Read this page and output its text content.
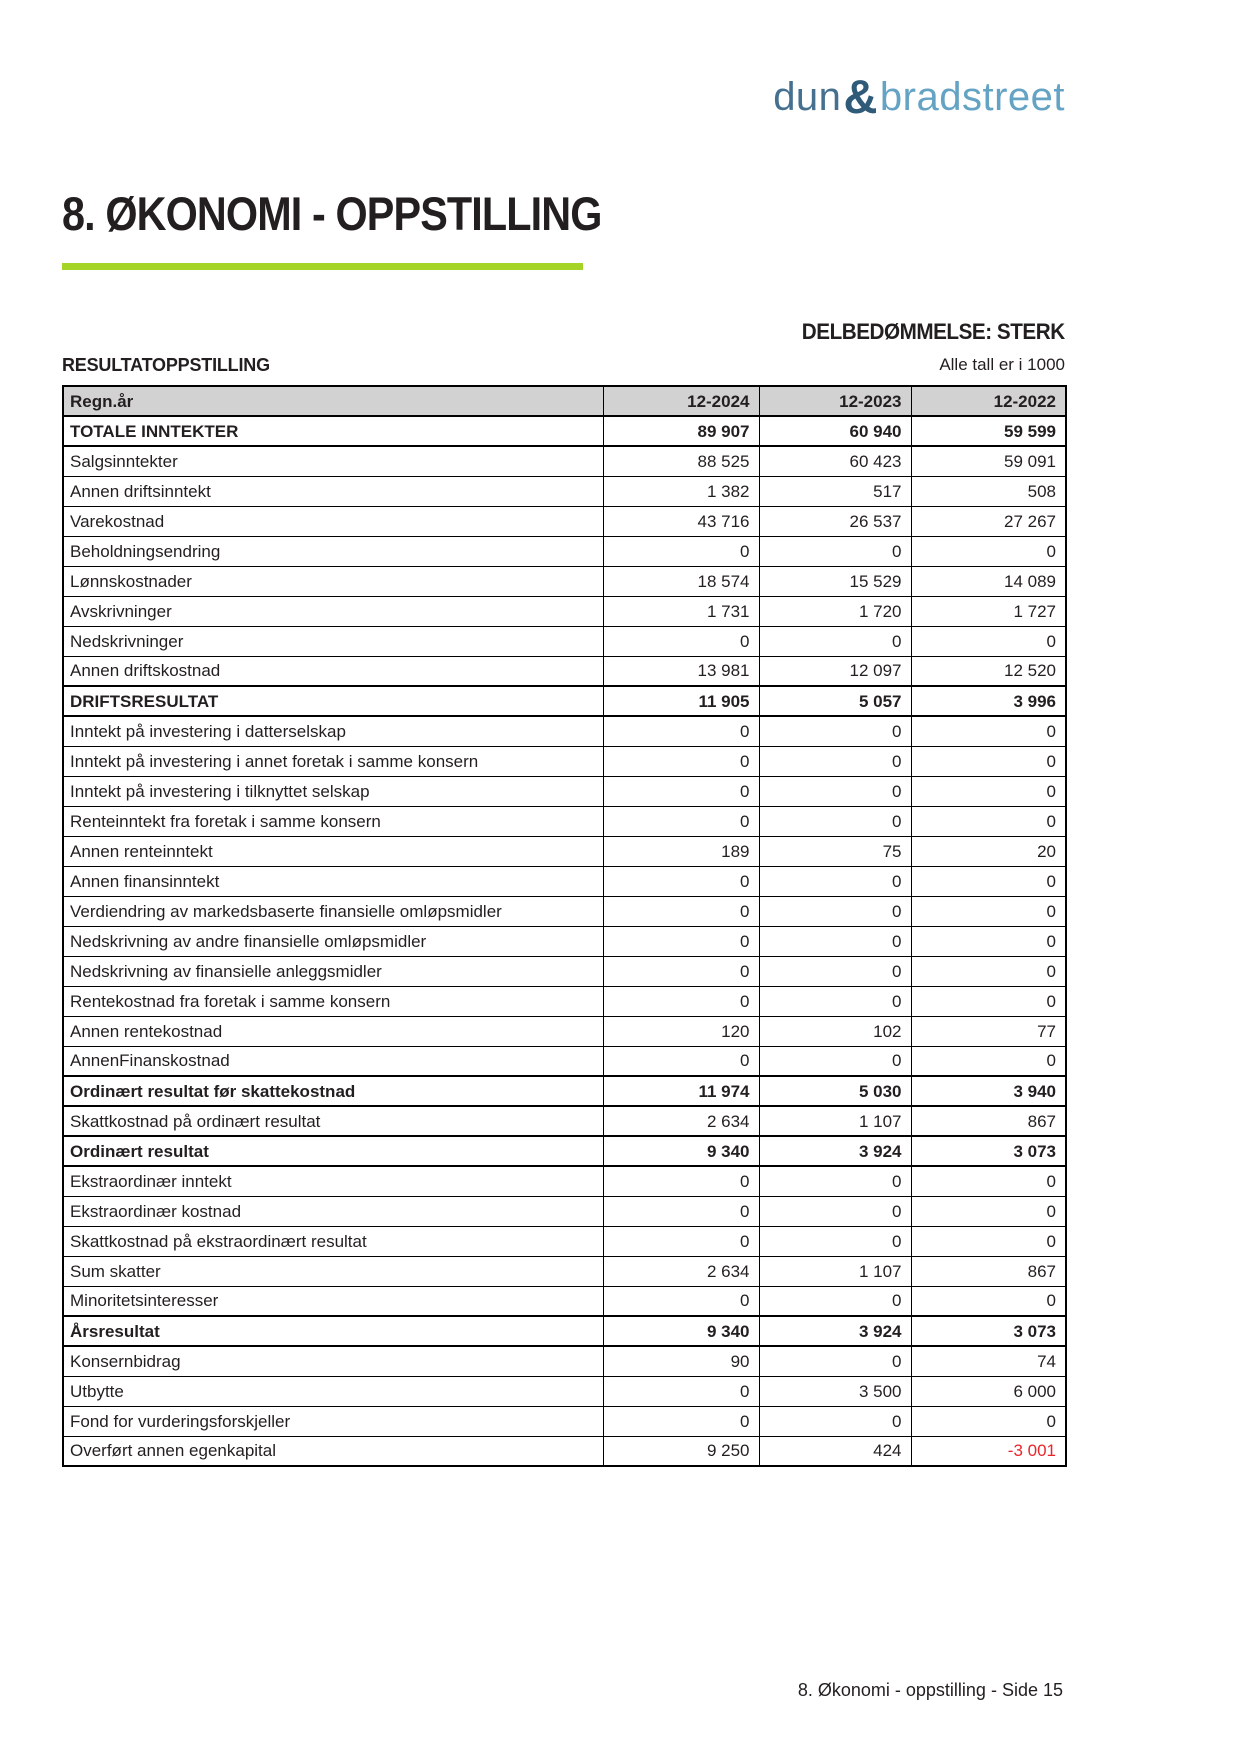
dun&bradstreet
8. ØKONOMI - OPPSTILLING
DELBEDØMMELSE: STERK
RESULTATOPPSTILLING	Alle tall er i 1000
Regn.år	12-2024	12-2023	12-2022
TOTALE INNTEKTER	89 907	60 940	59 599
Salgsinntekter	88 525	60 423	59 091
Annen driftsinntekt	1 382	517	508
Varekostnad	43 716	26 537	27 267
Beholdningsendring	0	0	0
Lønnskostnader	18 574	15 529	14 089
Avskrivninger	1 731	1 720	1 727
Nedskrivninger	0	0	0
Annen driftskostnad	13 981	12 097	12 520
DRIFTSRESULTAT	11 905	5 057	3 996
Inntekt på investering i datterselskap	0	0	0
Inntekt på investering i annet foretak i samme konsern	0	0	0
Inntekt på investering i tilknyttet selskap	0	0	0
Renteinntekt fra foretak i samme konsern	0	0	0
Annen renteinntekt	189	75	20
Annen finansinntekt	0	0	0
Verdiendring av markedsbaserte finansielle omløpsmidler	0	0	0
Nedskrivning av andre finansielle omløpsmidler	0	0	0
Nedskrivning av finansielle anleggsmidler	0	0	0
Rentekostnad fra foretak i samme konsern	0	0	0
Annen rentekostnad	120	102	77
AnnenFinanskostnad	0	0	0
Ordinært resultat før skattekostnad	11 974	5 030	3 940
Skattkostnad på ordinært resultat	2 634	1 107	867
Ordinært resultat	9 340	3 924	3 073
Ekstraordinær inntekt	0	0	0
Ekstraordinær kostnad	0	0	0
Skattkostnad på ekstraordinært resultat	0	0	0
Sum skatter	2 634	1 107	867
Minoritetsinteresser	0	0	0
Årsresultat	9 340	3 924	3 073
Konsernbidrag	90	0	74
Utbytte	0	3 500	6 000
Fond for vurderingsforskjeller	0	0	0
Overført annen egenkapital	9 250	424	-3 001
8. Økonomi - oppstilling - Side 15
